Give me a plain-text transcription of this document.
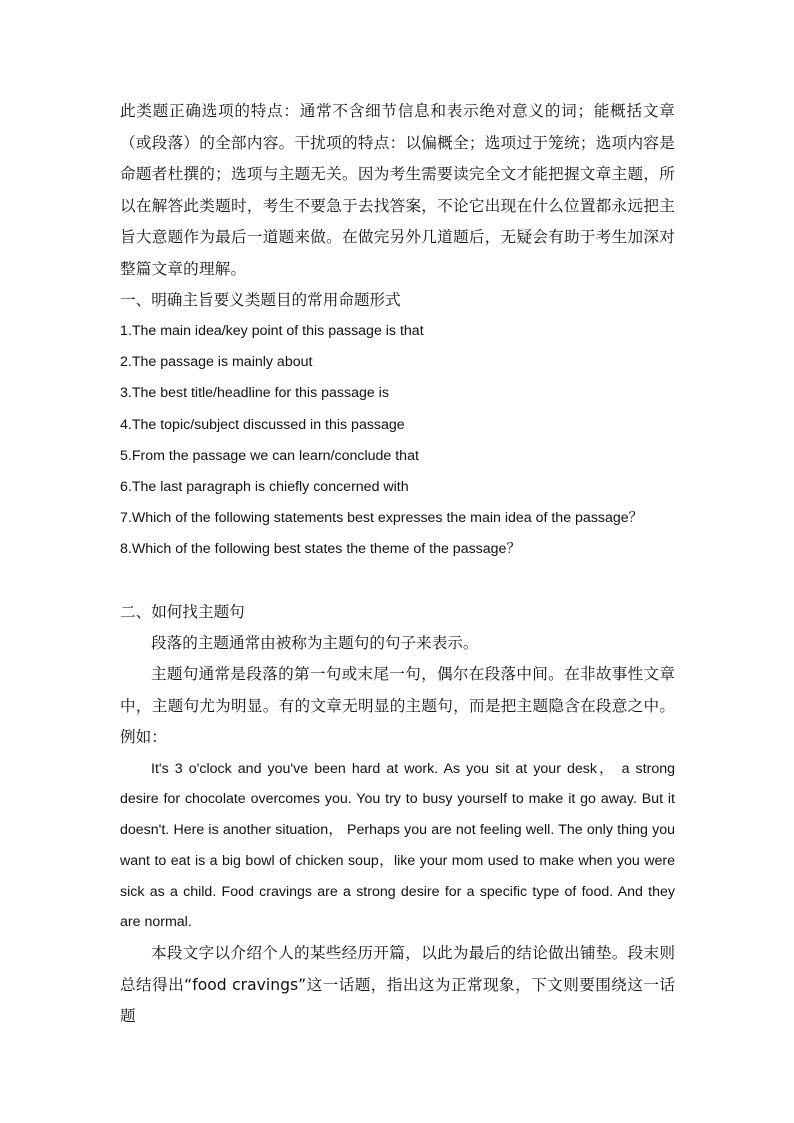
此类题正确选项的特点：通常不含细节信息和表示绝对意义的词；能概括文章（或段落）的全部内容。干扰项的特点：以偏概全；选项过于笼统；选项内容是命题者杜撰的；选项与主题无关。因为考生需要读完全文才能把握文章主题，所以在解答此类题时，考生不要急于去找答案，不论它出现在什么位置都永远把主旨大意题作为最后一道题来做。在做完另外几道题后，无疑会有助于考生加深对整篇文章的理解。

一、明确主旨要义类题目的常用命题形式

1.The main idea/key point of this passage is that
2.The passage is mainly about
3.The best title/headline for this passage is
4.The topic/subject discussed in this passage
5.From the passage we can learn/conclude that
6.The last paragraph is chiefly concerned with
7.Which of the following statements best expresses the main idea of the passage？
8.Which of the following best states the theme of the passage？

二、如何找主题句

段落的主题通常由被称为主题句的句子来表示。

主题句通常是段落的第一句或末尾一句，偶尔在段落中间。在非故事性文章中，主题句尤为明显。有的文章无明显的主题句，而是把主题隐含在段意之中。例如：

It's 3 o'clock and you've been hard at work. As you sit at your desk， a strong desire for chocolate overcomes you. You try to busy yourself to make it go away. But it doesn't. Here is another situation， Perhaps you are not feeling well. The only thing you want to eat is a big bowl of chicken soup，like your mom used to make when you were sick as a child. Food cravings are a strong desire for a specific type of food. And they are normal.

本段文字以介绍个人的某些经历开篇，以此为最后的结论做出铺垫。段末则总结得出“food cravings”这一话题，指出这为正常现象，下文则要围绕这一话题
